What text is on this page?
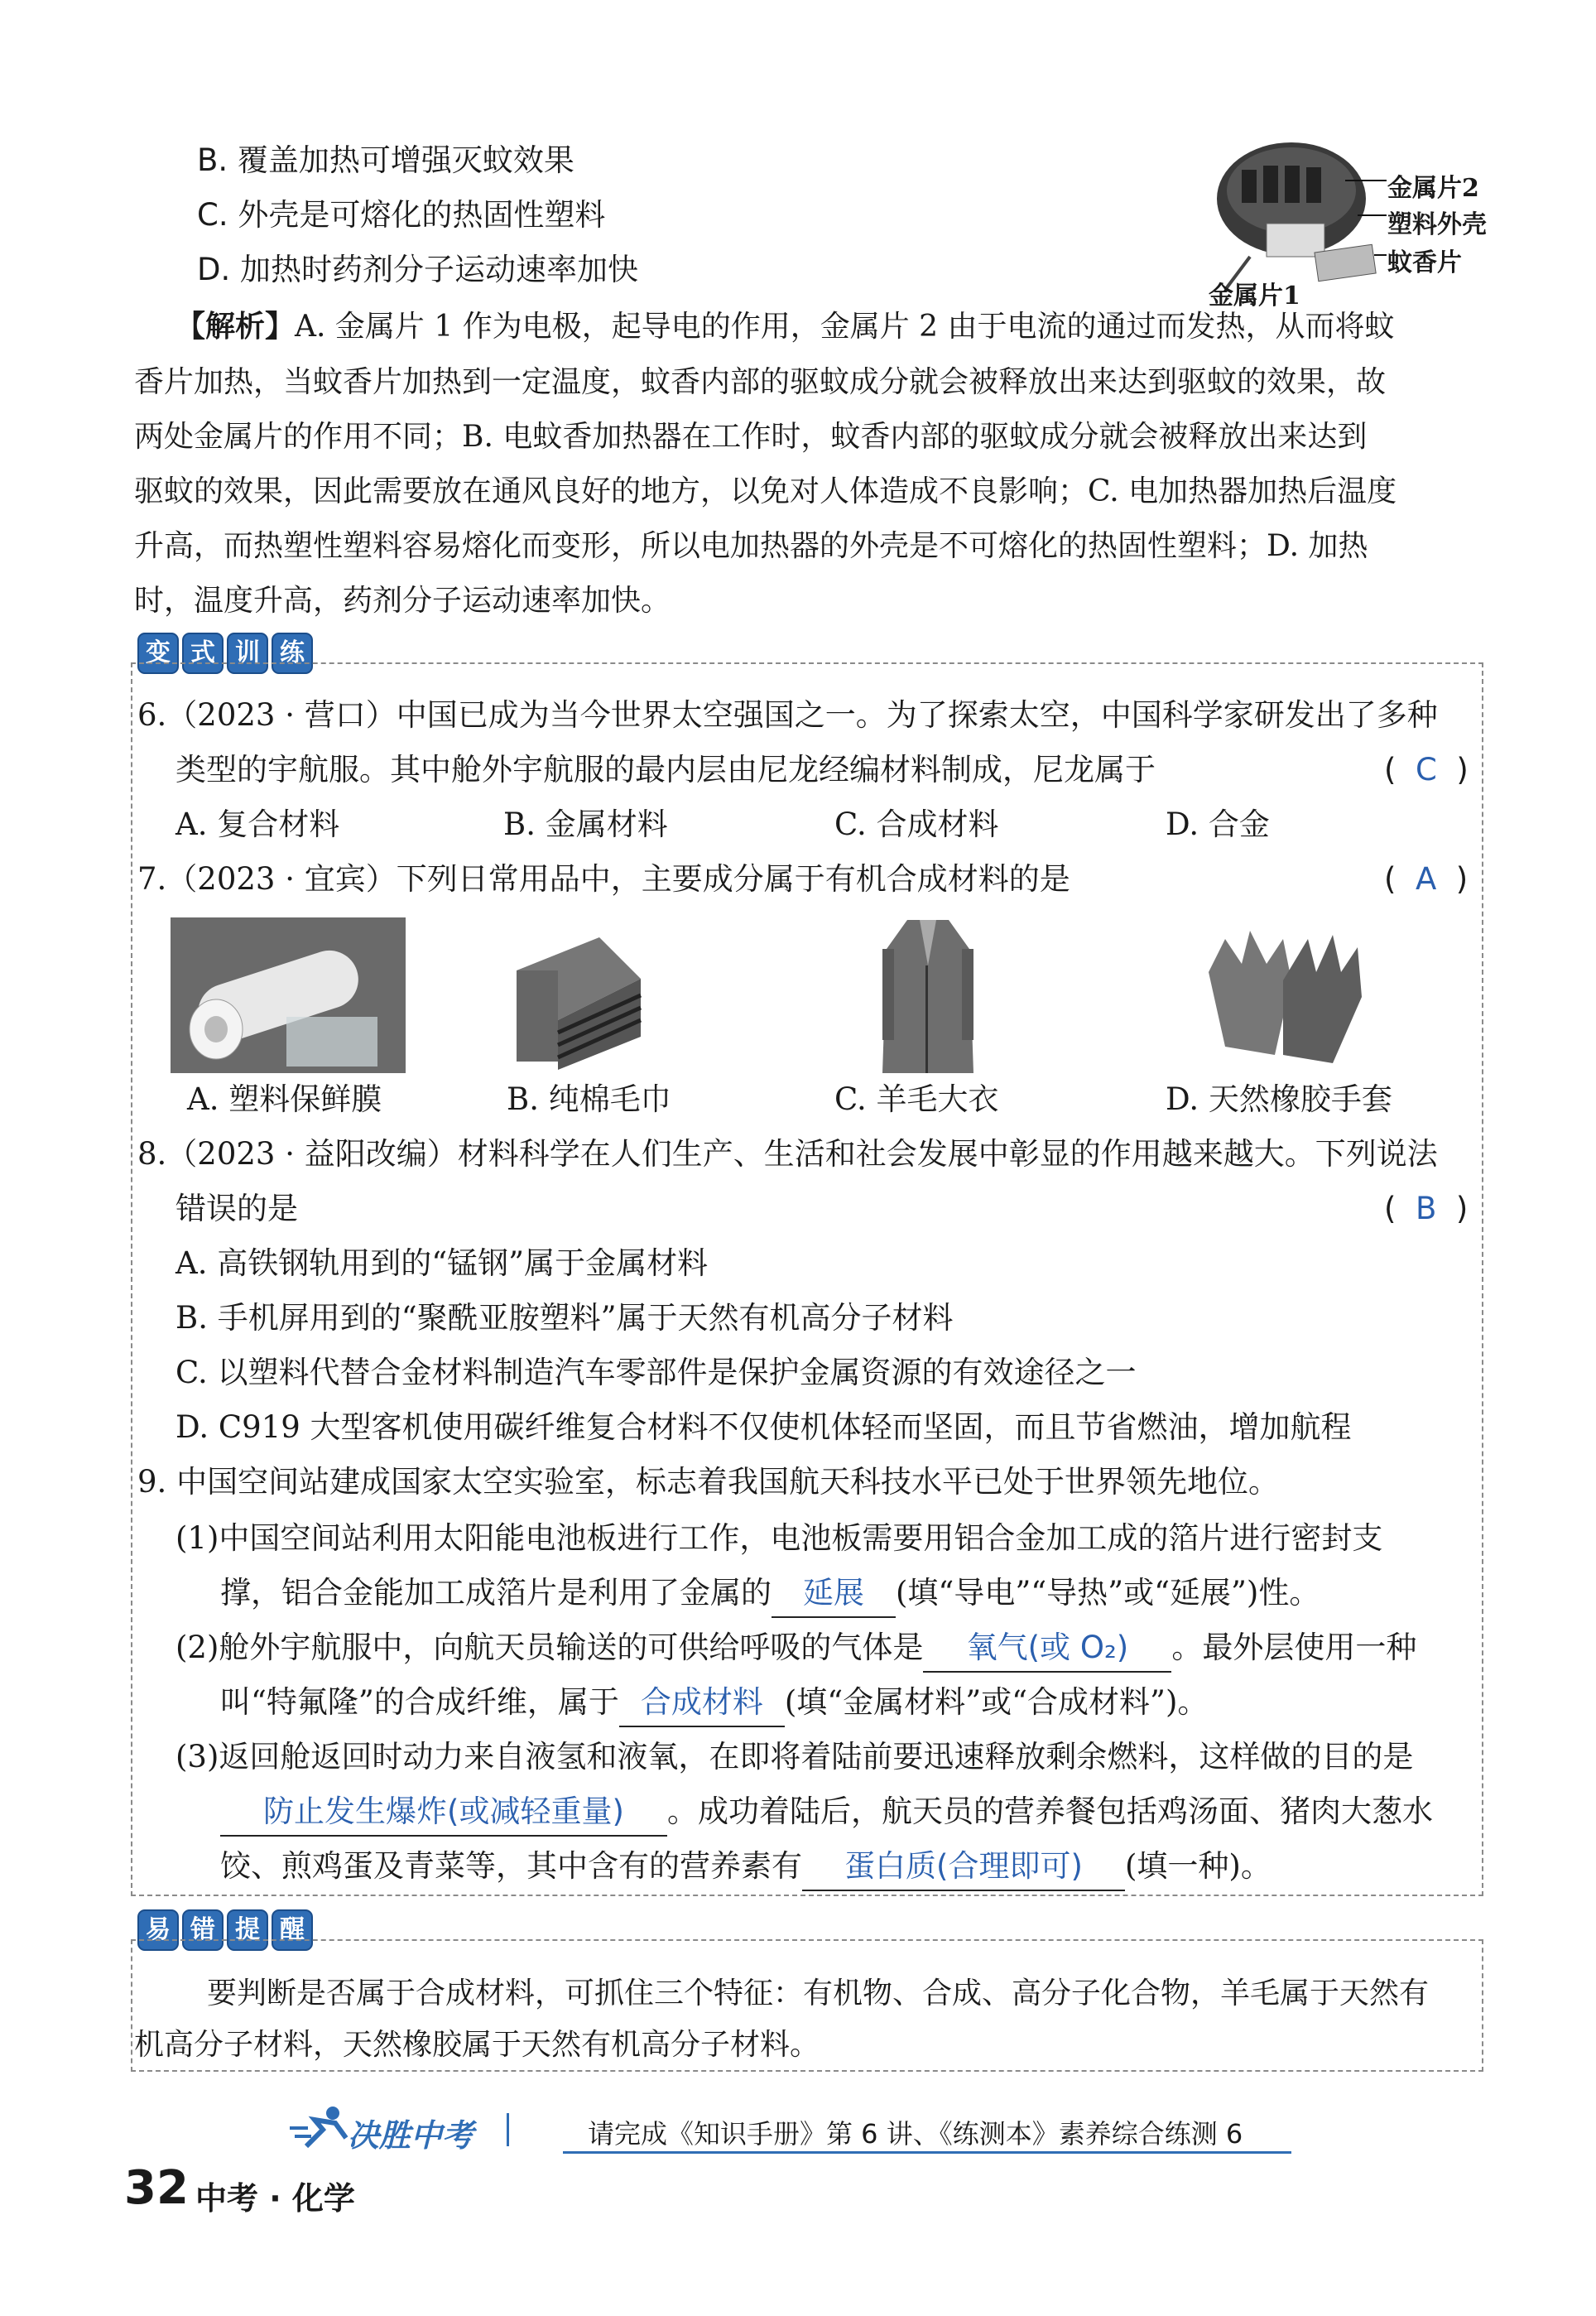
B. 覆盖加热可增强灭蚊效果
C. 外壳是可熔化的热固性塑料
D. 加热时药剂分子运动速率加快
金属片2
塑料外壳
蚊香片
金属片1
【解析】A. 金属片 1 作为电极，起导电的作用，金属片 2 由于电流的通过而发热，从而将蚊
香片加热，当蚊香片加热到一定温度，蚊香内部的驱蚊成分就会被释放出来达到驱蚊的效果，故
两处金属片的作用不同；B. 电蚊香加热器在工作时，蚊香内部的驱蚊成分就会被释放出来达到
驱蚊的效果，因此需要放在通风良好的地方，以免对人体造成不良影响；C. 电加热器加热后温度
升高，而热塑性塑料容易熔化而变形，所以电加热器的外壳是不可熔化的热固性塑料；D. 加热
时，温度升高，药剂分子运动速率加快。
变 式 训 练
6.（2023 · 营口）中国已成为当今世界太空强国之一。为了探索太空，中国科学家研发出了多种
类型的宇航服。其中舱外宇航服的最内层由尼龙经编材料制成，尼龙属于	(  C  )
A. 复合材料	B. 金属材料	C. 合成材料	D. 合金
7.（2023 · 宜宾）下列日常用品中，主要成分属于有机合成材料的是	(  A  )
A. 塑料保鲜膜	B. 纯棉毛巾	C. 羊毛大衣	D. 天然橡胶手套
8.（2023 · 益阳改编）材料科学在人们生产、生活和社会发展中彰显的作用越来越大。下列说法
错误的是	(  B  )
A. 高铁钢轨用到的“锰钢”属于金属材料
B. 手机屏用到的“聚酰亚胺塑料”属于天然有机高分子材料
C. 以塑料代替合金材料制造汽车零部件是保护金属资源的有效途径之一
D. C919 大型客机使用碳纤维复合材料不仅使机体轻而坚固，而且节省燃油，增加航程
9. 中国空间站建成国家太空实验室，标志着我国航天科技水平已处于世界领先地位。
(1)中国空间站利用太阳能电池板进行工作，电池板需要用铝合金加工成的箔片进行密封支
撑，铝合金能加工成箔片是利用了金属的 延展 (填“导电”“导热”或“延展”)性。
(2)舱外宇航服中，向航天员输送的可供给呼吸的气体是 氧气(或 O₂) 。最外层使用一种
叫“特氟隆”的合成纤维，属于 合成材料 (填“金属材料”或“合成材料”)。
(3)返回舱返回时动力来自液氢和液氧，在即将着陆前要迅速释放剩余燃料，这样做的目的是
防止发生爆炸(或减轻重量) 。成功着陆后，航天员的营养餐包括鸡汤面、猪肉大葱水
饺、煎鸡蛋及青菜等，其中含有的营养素有 蛋白质(合理即可) (填一种)。
易 错 提 醒
要判断是否属于合成材料，可抓住三个特征：有机物、合成、高分子化合物，羊毛属于天然有
机高分子材料，天然橡胶属于天然有机高分子材料。
决胜中考	请完成《知识手册》第 6 讲、《练测本》素养综合练测 6
32 中考 · 化学
